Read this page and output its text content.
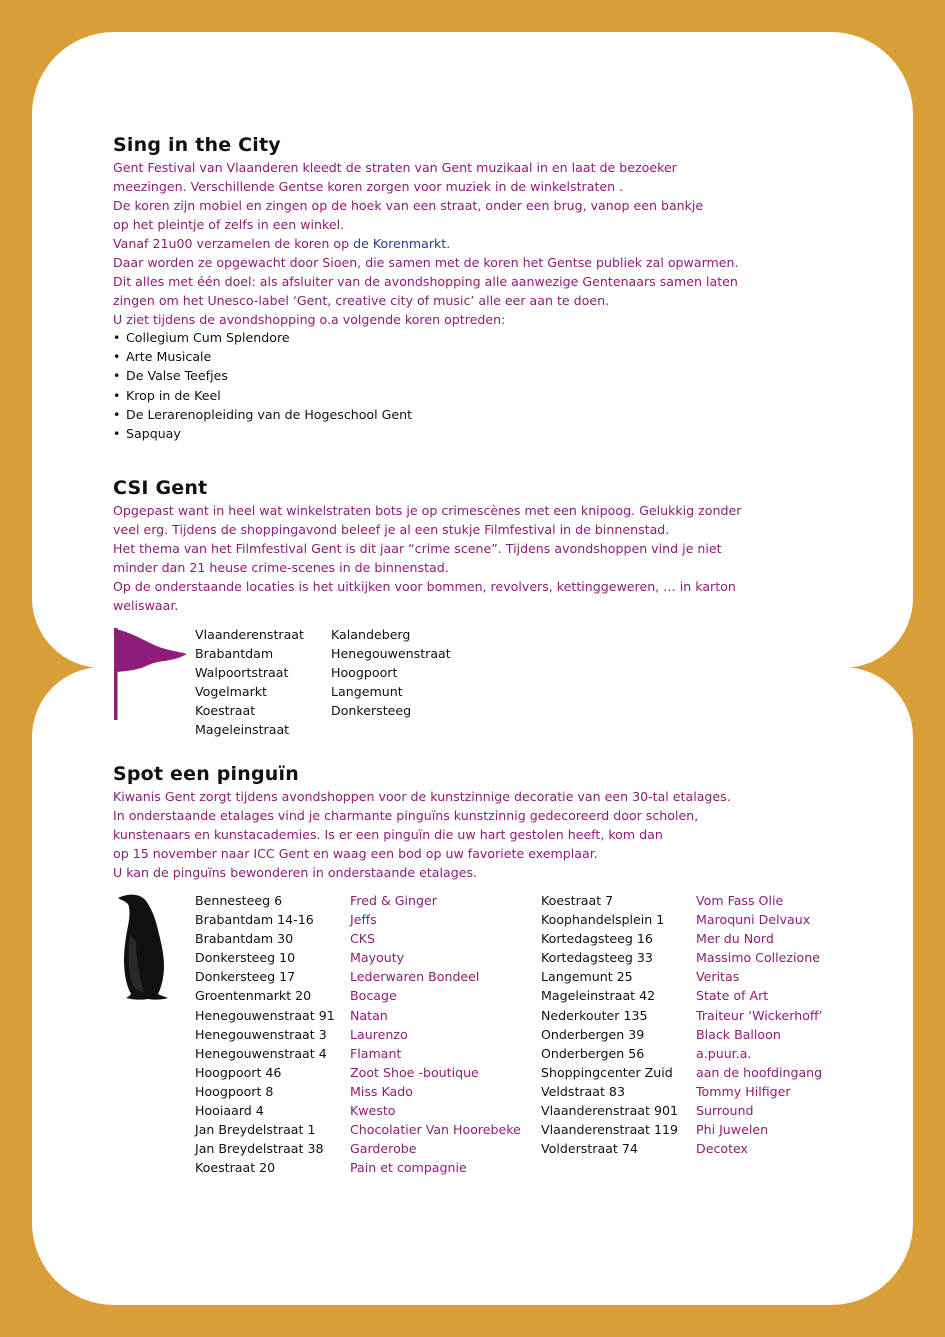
Sing in the City
Gent Festival van Vlaanderen kleedt de straten van Gent muzikaal in en laat de bezoeker
meezingen. Verschillende Gentse koren zorgen voor muziek in de winkelstraten .
De koren zijn mobiel en zingen op de hoek van een straat, onder een brug, vanop een bankje
op het pleintje of zelfs in een winkel.
Vanaf 21u00 verzamelen de koren op de Korenmarkt.
Daar worden ze opgewacht door Sioen, die samen met de koren het Gentse publiek zal opwarmen.
Dit alles met één doel: als afsluiter van de avondshopping alle aanwezige Gentenaars samen laten
zingen om het Unesco-label ‘Gent, creative city of music’ alle eer aan te doen.
U ziet tijdens de avondshopping o.a volgende koren optreden:
• Collegium Cum Splendore
• Arte Musicale
• De Valse Teefjes
• Krop in de Keel
• De Lerarenopleiding van de Hogeschool Gent
• Sapquay
CSI Gent
Opgepast want in heel wat winkelstraten bots je op crimescènes met een knipoog. Gelukkig zonder
veel erg. Tijdens de shoppingavond beleef je al een stukje Filmfestival in de binnenstad.
Het thema van het Filmfestival Gent is dit jaar “crime scene”. Tijdens avondshoppen vind je niet
minder dan 21 heuse crime-scenes in de binnenstad.
Op de onderstaande locaties is het uitkijken voor bommen, revolvers, kettinggeweren, … in karton
weliswaar.
Vlaanderenstraat
Brabantdam
Walpoortstraat
Vogelmarkt
Koestraat
Mageleinstraat
Kalandeberg
Henegouwenstraat
Hoogpoort
Langemunt
Donkersteeg
Spot een pinguïn
Kiwanis Gent zorgt tijdens avondshoppen voor de kunstzinnige decoratie van een 30-tal etalages.
In onderstaande etalages vind je charmante pinguïns kunstzinnig gedecoreerd door scholen,
kunstenaars en kunstacademies. Is er een pinguïn die uw hart gestolen heeft, kom dan
op 15 november naar ICC Gent en waag een bod op uw favoriete exemplaar.
U kan de pinguïns bewonderen in onderstaande etalages.
Bennesteeg 6
Brabantdam 14-16
Brabantdam 30
Donkersteeg 10
Donkersteeg 17
Groentenmarkt 20
Henegouwenstraat 91
Henegouwenstraat 3
Henegouwenstraat 4
Hoogpoort 46
Hoogpoort 8
Hooiaard 4
Jan Breydelstraat 1
Jan Breydelstraat 38
Koestraat 20
Fred & Ginger
Jeffs
CKS
Mayouty
Lederwaren Bondeel
Bocage
Natan
Laurenzo
Flamant
Zoot Shoe -boutique
Miss Kado
Kwesto
Chocolatier Van Hoorebeke
Garderobe
Pain et compagnie
Koestraat 7
Koophandelsplein 1
Kortedagsteeg 16
Kortedagsteeg 33
Langemunt 25
Mageleinstraat 42
Nederkouter 135
Onderbergen 39
Onderbergen 56
Shoppingcenter Zuid
Veldstraat 83
Vlaanderenstraat 901
Vlaanderenstraat 119
Volderstraat 74
Vom Fass Olie
Maroquni Delvaux
Mer du Nord
Massimo Collezione
Veritas
State of Art
Traiteur ‘Wickerhoff’
Black Balloon
a.puur.a.
aan de hoofdingang
Tommy Hilfiger
Surround
Phi Juwelen
Decotex
